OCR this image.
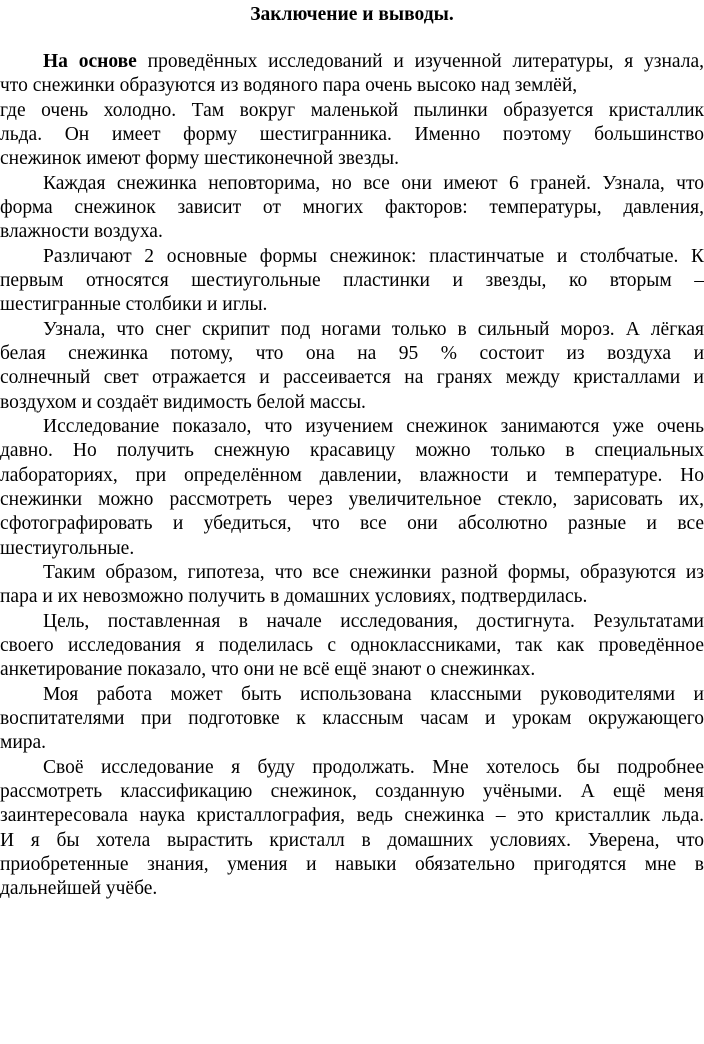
Заключение и выводы.

На основе проведённых исследований и изученной литературы, я узнала,

что снежинки образуются из водяного пара очень высоко над землёй,

где очень холодно. Там вокруг маленькой пылинки образуется кристаллик

льда. Он имеет форму шестигранника. Именно поэтому большинство

снежинок имеют форму шестиконечной звезды.

Каждая снежинка неповторима, но все они имеют 6 граней. Узнала, что

форма снежинок зависит от многих факторов: температуры, давления,

влажности воздуха.

Различают 2 основные формы снежинок: пластинчатые и столбчатые. К

первым относятся шестиугольные пластинки и звезды, ко вторым –

шестигранные столбики и иглы.

Узнала, что снег скрипит под ногами только в сильный мороз. А лёгкая

белая снежинка потому, что она на 95 % состоит из воздуха и

солнечный свет отражается и рассеивается на гранях между кристаллами и

воздухом и создаёт видимость белой массы.

Исследование показало, что изучением снежинок занимаются уже очень

давно. Но получить снежную красавицу можно только в специальных

лабораториях, при определённом давлении, влажности и температуре. Но

снежинки можно рассмотреть через увеличительное стекло, зарисовать их,

сфотографировать и убедиться, что все они абсолютно разные и все

шестиугольные.

Таким образом, гипотеза, что все снежинки разной формы, образуются из

пара и их невозможно получить в домашних условиях, подтвердилась.

Цель, поставленная в начале исследования, достигнута. Результатами

своего исследования я поделилась с одноклассниками, так как проведённое

анкетирование показало, что они не всё ещё знают о снежинках.

Моя работа может быть использована классными руководителями и

воспитателями при подготовке к классным часам и урокам окружающего

мира.

Своё исследование я буду продолжать. Мне хотелось бы подробнее

рассмотреть классификацию снежинок, созданную учёными. А ещё меня

заинтересовала наука кристаллография, ведь снежинка – это кристаллик льда.

И я бы хотела вырастить кристалл в домашних условиях. Уверена, что

приобретенные знания, умения и навыки обязательно пригодятся мне в

дальнейшей учёбе.
